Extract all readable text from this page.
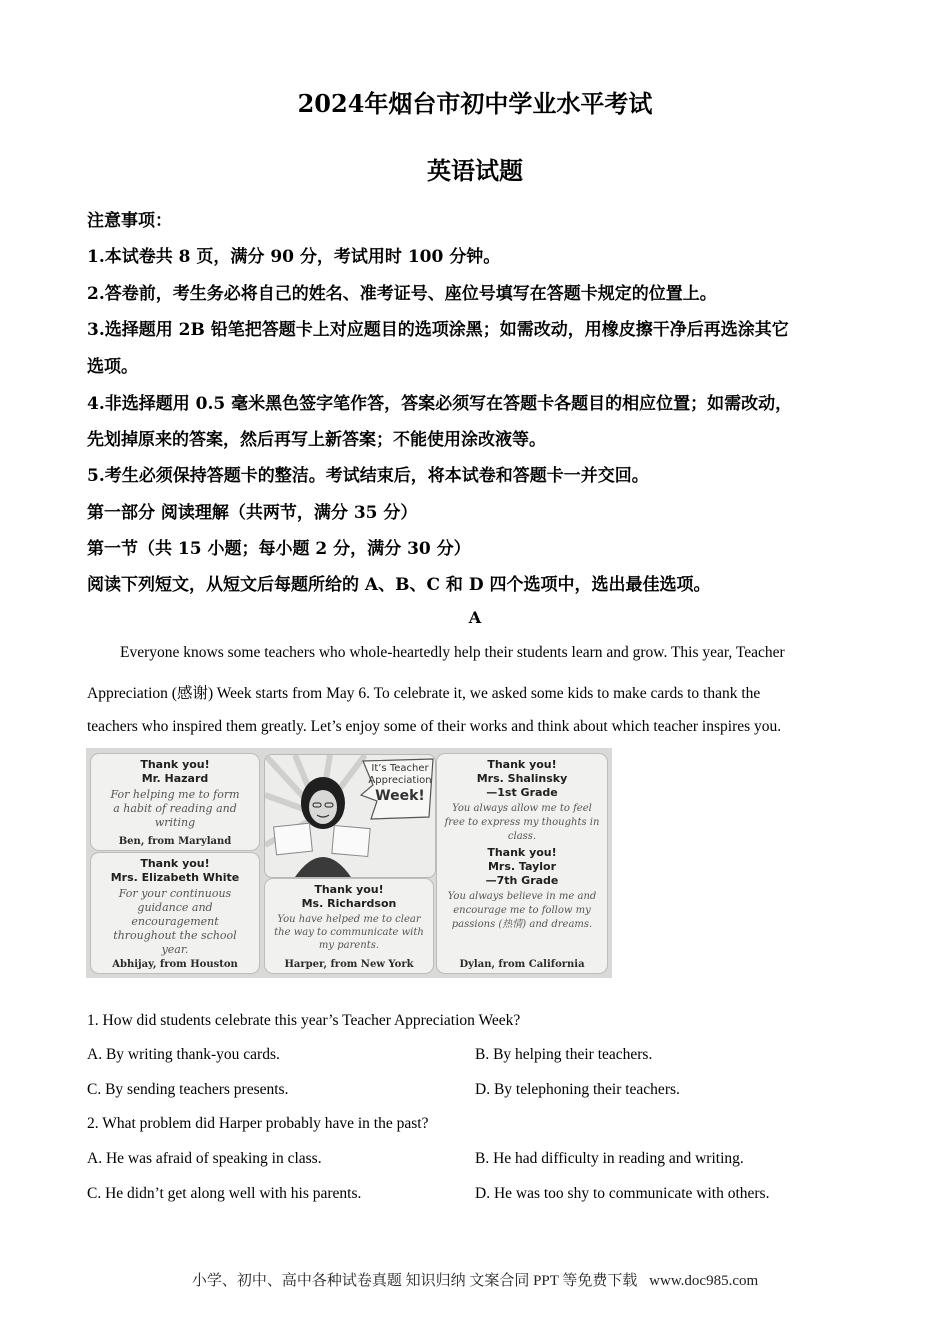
2024年烟台市初中学业水平考试
英语试题
注意事项：
1.本试卷共 8 页，满分 90 分，考试用时 100 分钟。
2.答卷前，考生务必将自己的姓名、准考证号、座位号填写在答题卡规定的位置上。
3.选择题用 2B 铅笔把答题卡上对应题目的选项涂黑；如需改动，用橡皮擦干净后再选涂其它
选项。
4.非选择题用 0.5 毫米黑色签字笔作答，答案必须写在答题卡各题目的相应位置；如需改动，
先划掉原来的答案，然后再写上新答案；不能使用涂改液等。
5.考生必须保持答题卡的整洁。考试结束后，将本试卷和答题卡一并交回。
第一部分 阅读理解（共两节，满分 35 分）
第一节（共 15 小题；每小题 2 分，满分 30 分）
阅读下列短文，从短文后每题所给的 A、B、C 和 D 四个选项中，选出最佳选项。
A
Everyone knows some teachers who whole-heartedly help their students learn and grow. This year, Teacher
Appreciation (感谢) Week starts from May 6. To celebrate it, we asked some kids to make cards to thank the
teachers who inspired them greatly. Let’s enjoy some of their works and think about which teacher inspires you.
Thank you!
Mr. Hazard
For helping me to form
a habit of reading and
writing
Ben, from Maryland
Thank you!
Mrs. Elizabeth White
For your continuous
guidance and
encouragement
throughout the school
year.
Abhijay, from Houston
It’s Teacher
Appreciation
Week!
Thank you!
Ms. Richardson
You have helped me to clear
the way to communicate with
my parents.
Harper, from New York
Thank you!
Mrs. Shalinsky
—1st Grade
You always allow me to feel
free to express my thoughts in
class.
Thank you!
Mrs. Taylor
—7th Grade
You always believe in me and
encourage me to follow my
passions (热情) and dreams.
Dylan, from California
1. How did students celebrate this year’s Teacher Appreciation Week?
A. By writing thank-you cards.	B. By helping their teachers.
C. By sending teachers presents.	D. By telephoning their teachers.
2. What problem did Harper probably have in the past?
A. He was afraid of speaking in class.	B. He had difficulty in reading and writing.
C. He didn’t get along well with his parents.	D. He was too shy to communicate with others.
小学、初中、高中各种试卷真题 知识归纳 文案合同 PPT 等免费下载 www.doc985.com
